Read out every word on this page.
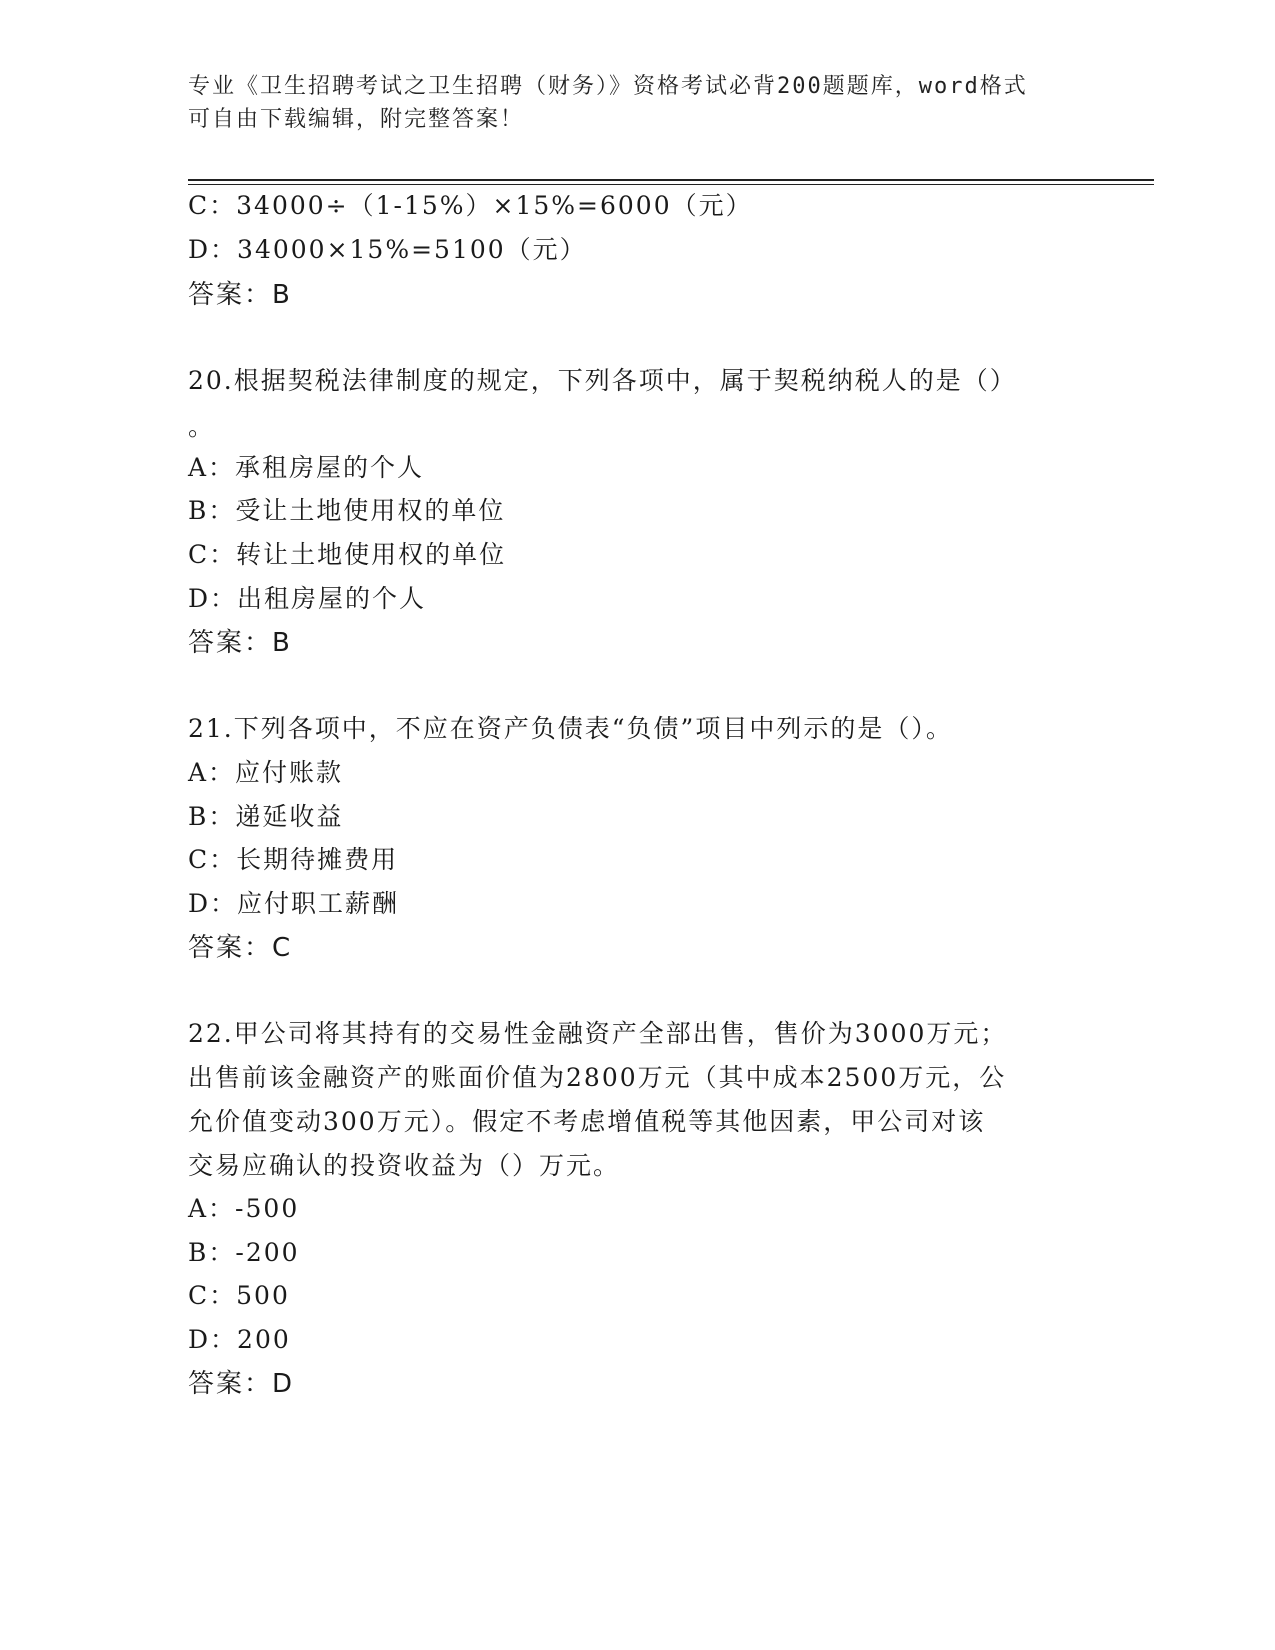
专业《卫生招聘考试之卫生招聘（财务）》资格考试必背200题题库，word格式
可自由下载编辑，附完整答案！
C：34000÷（1-15%）×15%=6000（元）
D：34000×15%=5100（元）
答案：B
20.根据契税法律制度的规定，下列各项中，属于契税纳税人的是（）
。
A：承租房屋的个人
B：受让土地使用权的单位
C：转让土地使用权的单位
D：出租房屋的个人
答案：B
21.下列各项中，不应在资产负债表“负债”项目中列示的是（）。
A：应付账款
B：递延收益
C：长期待摊费用
D：应付职工薪酬
答案：C
22.甲公司将其持有的交易性金融资产全部出售，售价为3000万元；
出售前该金融资产的账面价值为2800万元（其中成本2500万元，公
允价值变动300万元）。假定不考虑增值税等其他因素，甲公司对该
交易应确认的投资收益为（）万元。
A：-500
B：-200
C：500
D：200
答案：D
